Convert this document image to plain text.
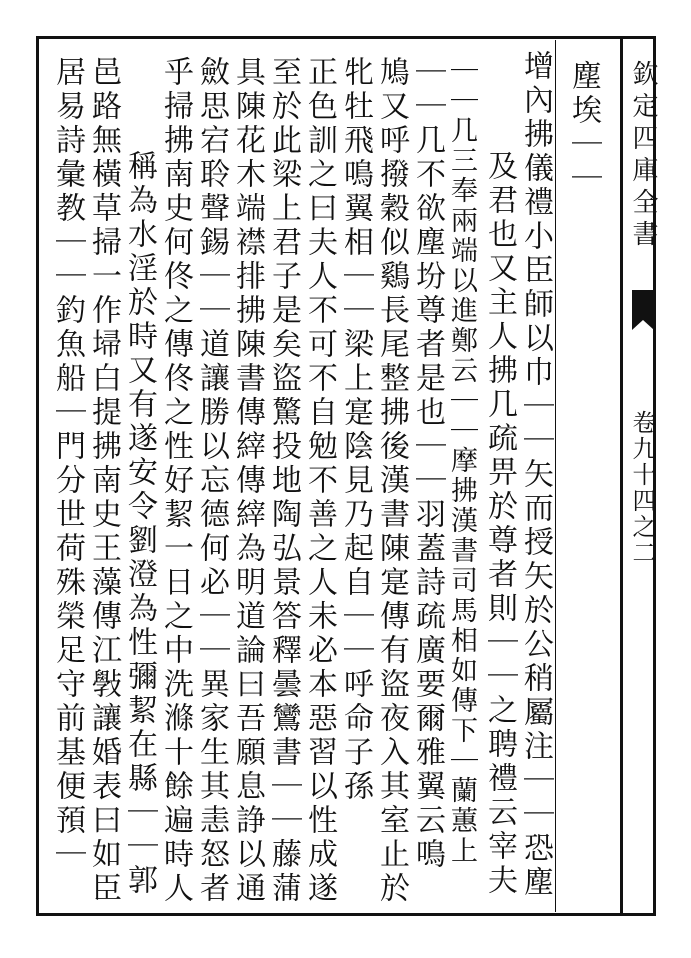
欽定四庫全書
卷九十四之二
塵埃｜｜
增內拂儀禮小臣師以巾｜｜矢而授矢於公稍屬注｜｜恐塵
及君也又主人拂几疏畀於尊者則｜｜之聘禮云宰夫
｜｜几三奉兩端以進鄭云｜｜摩拂漢書司馬相如傳下｜蘭蕙上
｜｜几不欲塵坋尊者是也｜｜羽蓋詩疏廣要爾雅翼云鳴
鳩又呼撥穀似鷄長尾整拂後漢書陳寔傳有盜夜入其室止於
牝牡飛鳴翼相｜｜梁上寔陰見乃起自｜｜呼命子孫
正色訓之曰夫人不可不自勉不善之人未必本惡習以性成遂
至於此梁上君子是矣盜驚投地陶弘景答釋曇鸞書｜｜藤蒲
具陳花木端襟排拂陳書傳縡傳縡為明道論曰吾願息諍以通
斂思宕聆聲錫｜｜道讓勝以忘德何必｜｜異家生其恚怒者
乎掃拂南史何佟之傳佟之性好絜一日之中洗滌十餘遍時人
稱為水淫於時又有遂安令劉澄為性彌絜在縣｜｜郭
邑路無橫草掃一作埽白提拂南史王藻傳江斅讓婚表曰如臣
居易詩彙教｜｜釣魚船｜門分世荷殊榮足守前基便預｜
